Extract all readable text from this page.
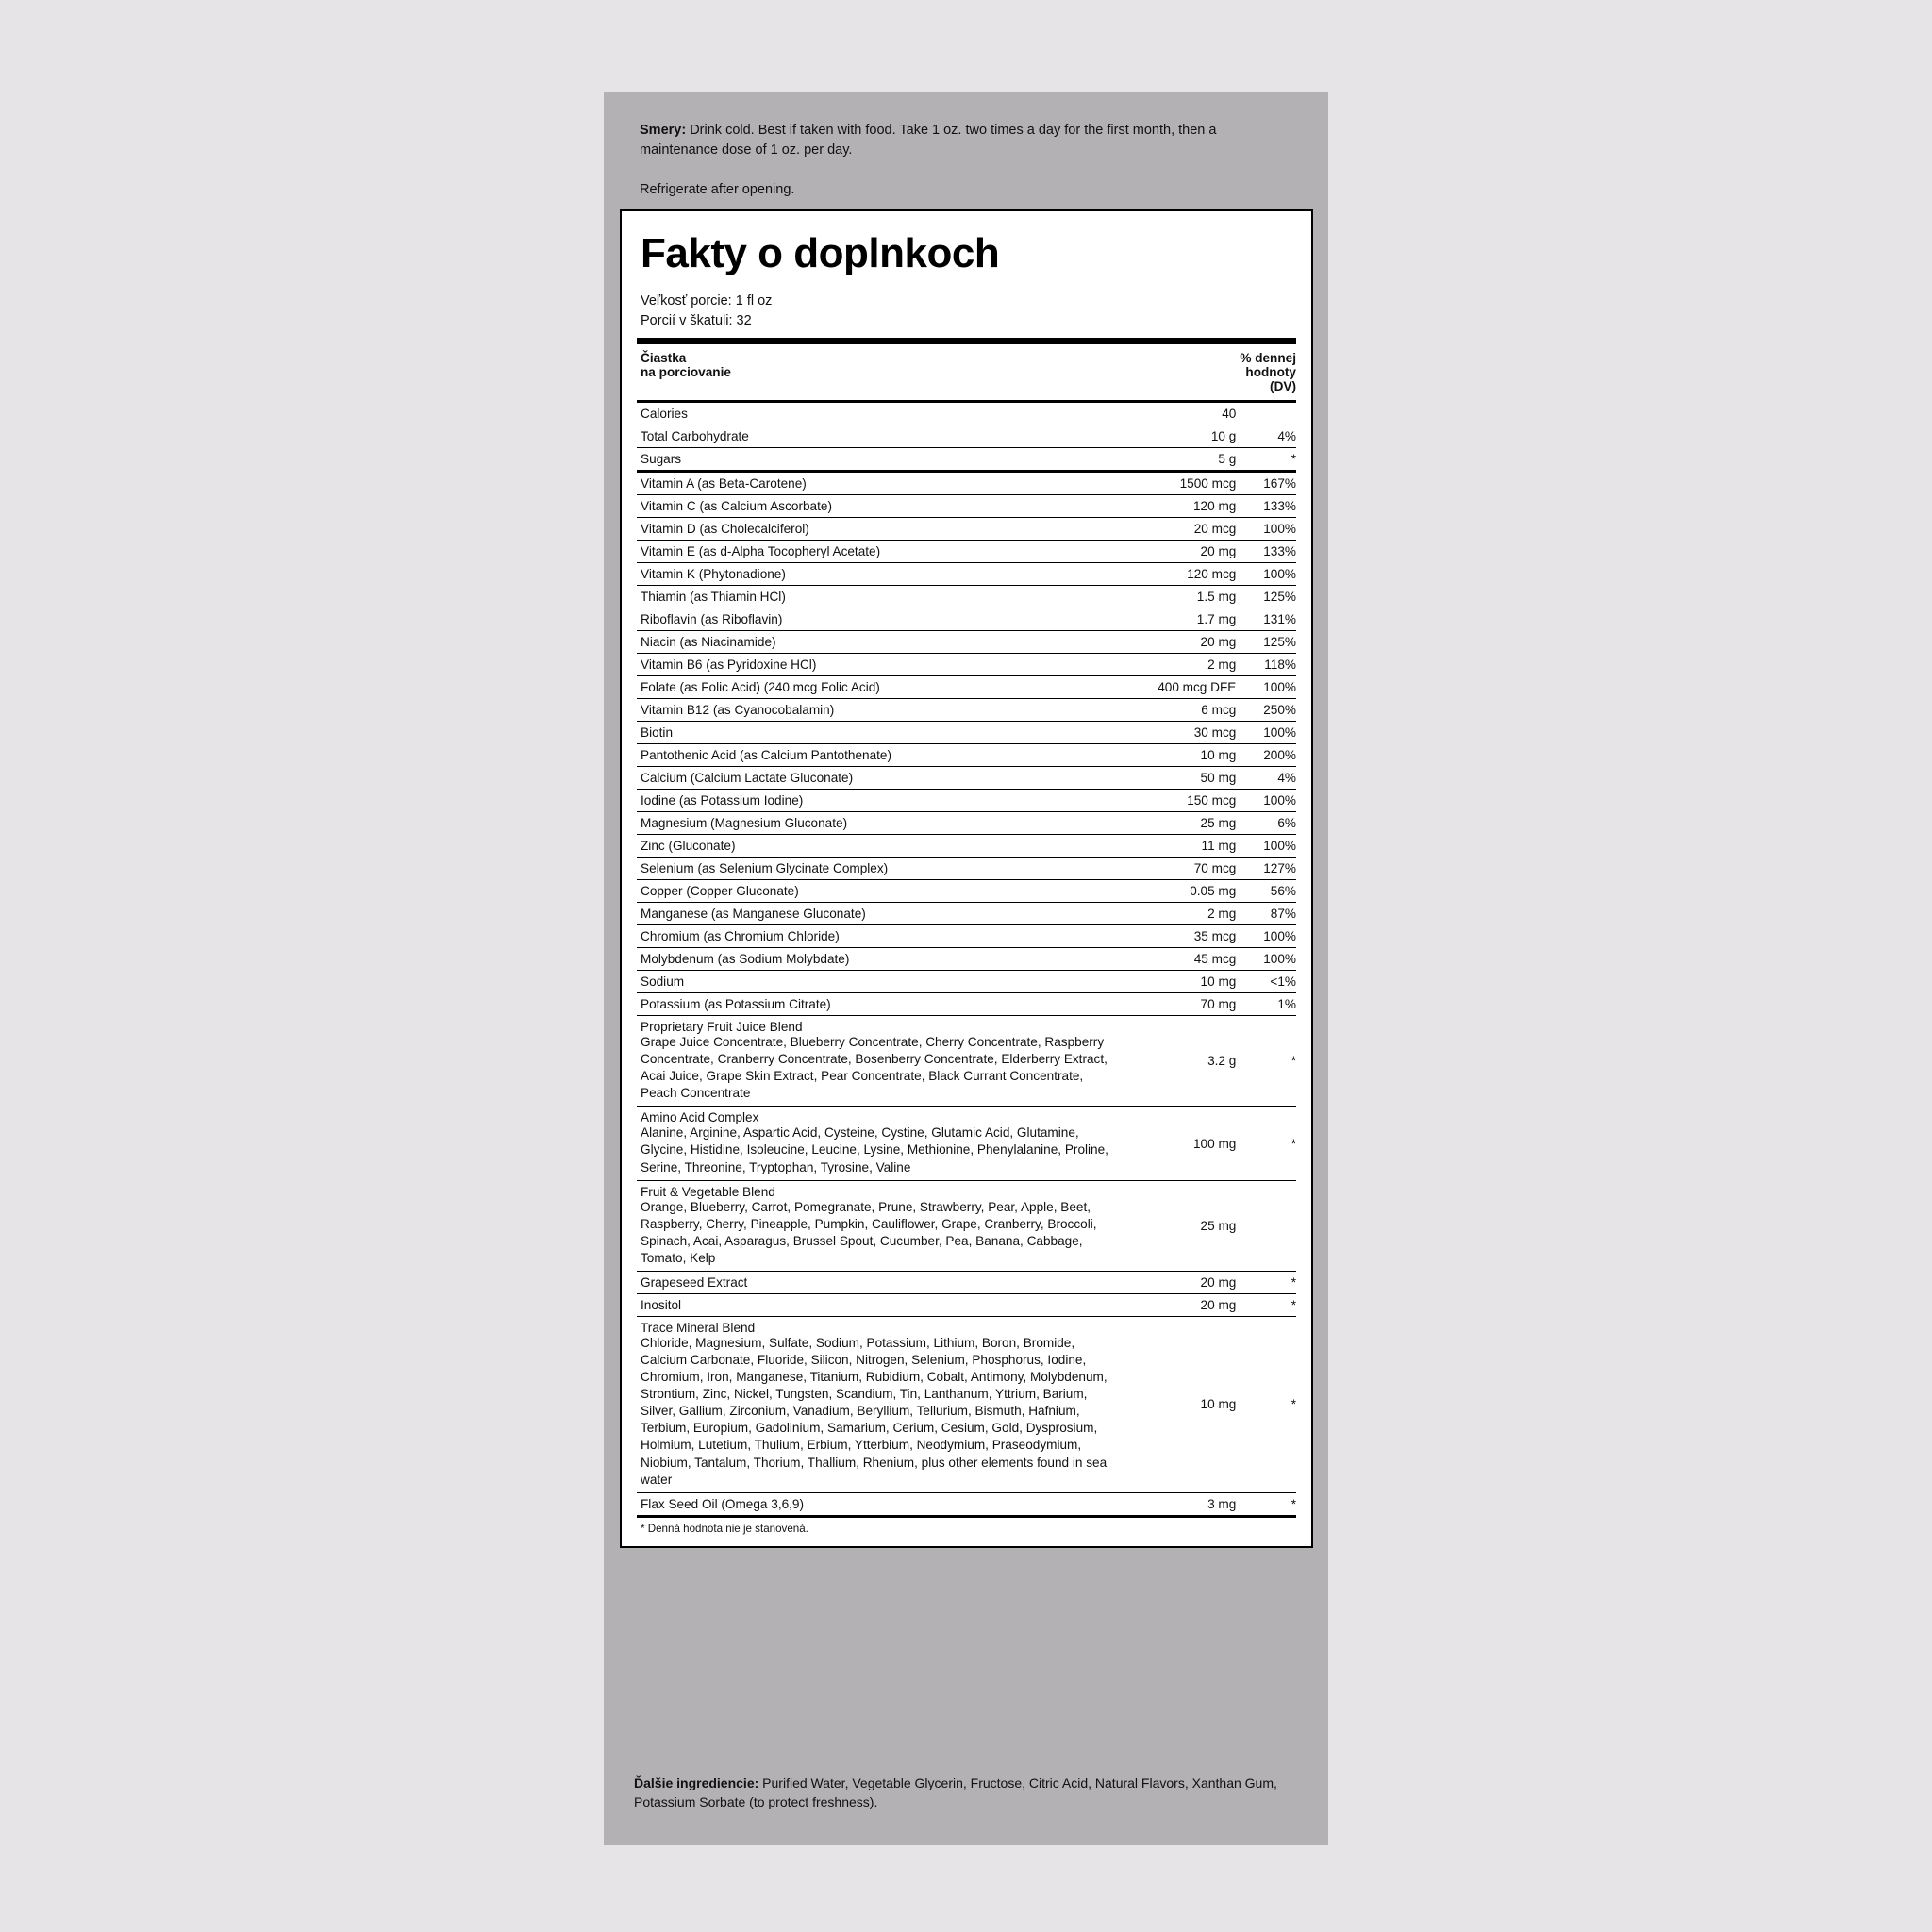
Smery: Drink cold. Best if taken with food. Take 1 oz. two times a day for the first month, then a maintenance dose of 1 oz. per day.
Refrigerate after opening.
Fakty o doplnkoch
Veľkosť porcie: 1 fl oz
Porcií v škatuli: 32
Čiastka
na porciovanie

% dennej
hodnoty
(DV)

Calories	40	
Total Carbohydrate	10 g	4%
Sugars	5 g	*
Vitamin A (as Beta-Carotene)	1500 mcg	167%
Vitamin C (as Calcium Ascorbate)	120 mg	133%
Vitamin D (as Cholecalciferol)	20 mcg	100%
Vitamin E (as d-Alpha Tocopheryl Acetate)	20 mg	133%
Vitamin K (Phytonadione)	120 mcg	100%
Thiamin (as Thiamin HCl)	1.5 mg	125%
Riboflavin (as Riboflavin)	1.7 mg	131%
Niacin (as Niacinamide)	20 mg	125%
Vitamin B6 (as Pyridoxine HCl)	2 mg	118%
Folate (as Folic Acid) (240 mcg Folic Acid)	400 mcg DFE	100%
Vitamin B12 (as Cyanocobalamin)	6 mcg	250%
Biotin	30 mcg	100%
Pantothenic Acid (as Calcium Pantothenate)	10 mg	200%
Calcium (Calcium Lactate Gluconate)	50 mg	4%
Iodine (as Potassium Iodine)	150 mcg	100%
Magnesium (Magnesium Gluconate)	25 mg	6%
Zinc (Gluconate)	11 mg	100%
Selenium (as Selenium Glycinate Complex)	70 mcg	127%
Copper (Copper Gluconate)	0.05 mg	56%
Manganese (as Manganese Gluconate)	2 mg	87%
Chromium (as Chromium Chloride)	35 mcg	100%
Molybdenum (as Sodium Molybdate)	45 mcg	100%
Sodium	10 mg	<1%
Potassium (as Potassium Citrate)	70 mg	1%

Proprietary Fruit Juice Blend
Grape Juice Concentrate, Blueberry Concentrate, Cherry Concentrate, Raspberry Concentrate, Cranberry Concentrate, Bosenberry Concentrate, Elderberry Extract, Acai Juice, Grape Skin Extract, Pear Concentrate, Black Currant Concentrate, Peach Concentrate	3.2 g	*

Amino Acid Complex
Alanine, Arginine, Aspartic Acid, Cysteine, Cystine, Glutamic Acid, Glutamine, Glycine, Histidine, Isoleucine, Leucine, Lysine, Methionine, Phenylalanine, Proline, Serine, Threonine, Tryptophan, Tyrosine, Valine	100 mg	*

Fruit & Vegetable Blend
Orange, Blueberry, Carrot, Pomegranate, Prune, Strawberry, Pear, Apple, Beet, Raspberry, Cherry, Pineapple, Pumpkin, Cauliflower, Grape, Cranberry, Broccoli, Spinach, Acai, Asparagus, Brussel Spout, Cucumber, Pea, Banana, Cabbage, Tomato, Kelp	25 mg	
Grapeseed Extract	20 mg	*
Inositol	20 mg	*

Trace Mineral Blend
Chloride, Magnesium, Sulfate, Sodium, Potassium, Lithium, Boron, Bromide, Calcium Carbonate, Fluoride, Silicon, Nitrogen, Selenium, Phosphorus, Iodine, Chromium, Iron, Manganese, Titanium, Rubidium, Cobalt, Antimony, Molybdenum, Strontium, Zinc, Nickel, Tungsten, Scandium, Tin, Lanthanum, Yttrium, Barium, Silver, Gallium, Zirconium, Vanadium, Beryllium, Tellurium, Bismuth, Hafnium, Terbium, Europium, Gadolinium, Samarium, Cerium, Cesium, Gold, Dysprosium, Holmium, Lutetium, Thulium, Erbium, Ytterbium, Neodymium, Praseodymium, Niobium, Tantalum, Thorium, Thallium, Rhenium, plus other elements found in sea water	10 mg	*
Flax Seed Oil (Omega 3,6,9)	3 mg	*
* Denná hodnota nie je stanovená.
Ďalšie ingrediencie: Purified Water, Vegetable Glycerin, Fructose, Citric Acid, Natural Flavors, Xanthan Gum, Potassium Sorbate (to protect freshness).
